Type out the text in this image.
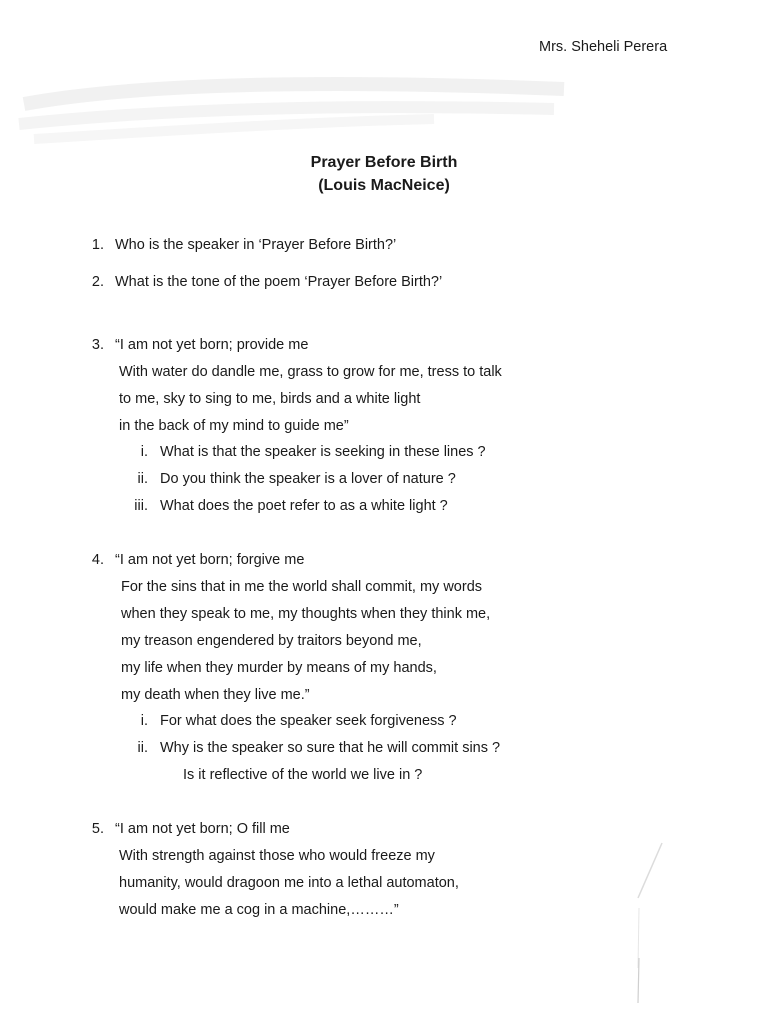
Mrs. Sheheli Perera
Prayer Before Birth
(Louis MacNeice)
1. Who is the speaker in ‘Prayer Before Birth?’
2. What is the tone of the poem ‘Prayer Before Birth?’
3. “I am not yet born; provide me
With water do dandle me, grass to grow for me, tress to talk
to me, sky to sing to me, birds and a white light
in the back of my mind to guide me”
i. What is that the speaker is seeking in these lines ?
ii. Do you think the speaker is a lover of nature ?
iii. What does the poet refer to as a white light ?
4. “I am not yet born; forgive me
For the sins that in me the world shall commit, my words
when they speak to me, my thoughts when they think me,
my treason engendered by traitors beyond me,
my life when they murder by means of my hands,
my death when they live me.”
i. For what does the speaker seek forgiveness ?
ii. Why is the speaker so sure that he will commit sins ?
Is it reflective of the world we live in ?
5. “I am not yet born; O fill me
With strength against those who would freeze my
humanity, would dragoon me into a lethal automaton,
would make me a cog in a machine,………”
